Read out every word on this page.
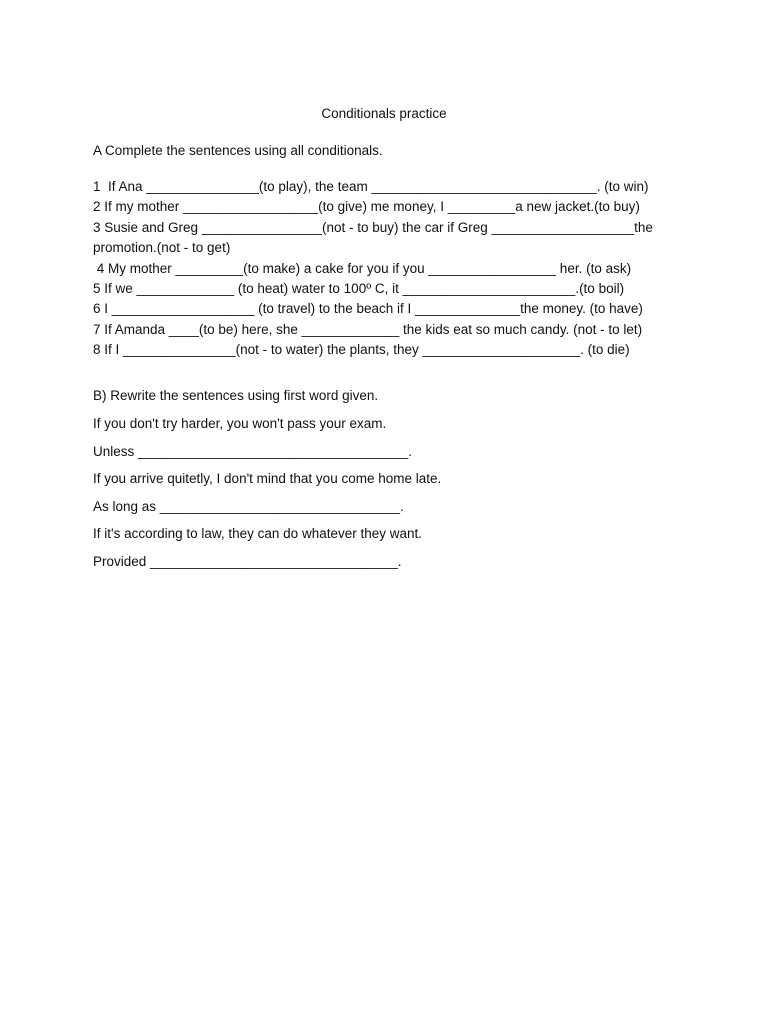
Conditionals practice
A Complete the sentences using all conditionals.
1  If Ana _______________(to play), the team ______________________________. (to win)
2 If my mother __________________(to give) me money, I _________a new jacket.(to buy)
3 Susie and Greg ________________(not - to buy) the car if Greg ___________________the
promotion.(not - to get)
4 My mother _________(to make) a cake for you if you _________________ her. (to ask)
5 If we _____________ (to heat) water to 100º C, it _______________________.(to boil)
6 I ___________________ (to travel) to the beach if I ______________the money. (to have)
7 If Amanda ____(to be) here, she _____________ the kids eat so much candy. (not - to let)
8 If I _______________(not - to water) the plants, they _____________________. (to die)
B) Rewrite the sentences using first word given.
If you don't try harder, you won't pass your exam.
Unless ____________________________________.
If you arrive quitetly, I don't mind that you come home late.
As long as ________________________________.
If it's according to law, they can do whatever they want.
Provided _________________________________.
